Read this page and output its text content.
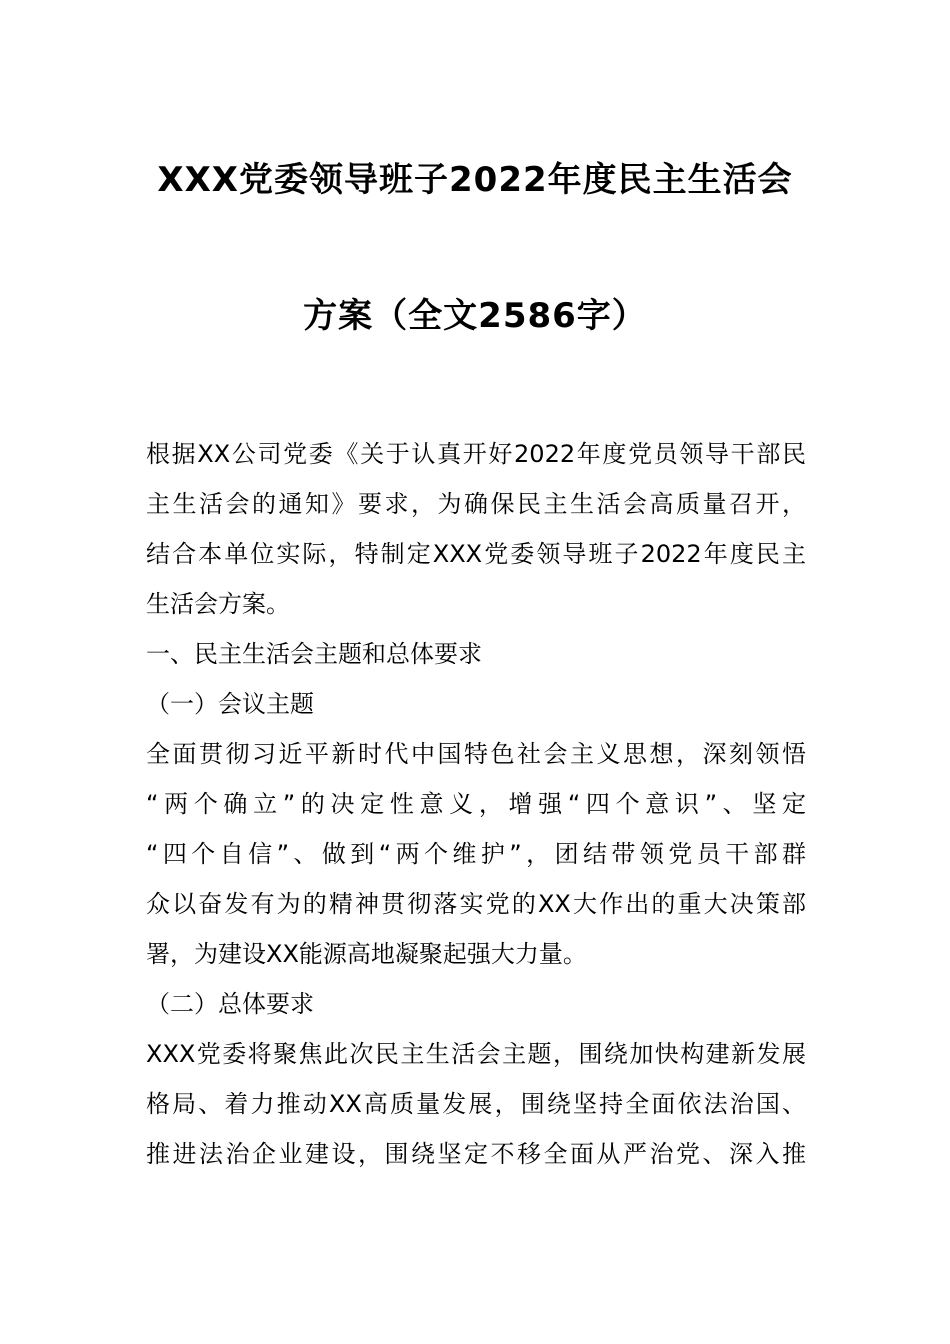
XXX党委领导班子2022年度民主生活会
方案（全文2586字）
根据XX公司党委《关于认真开好2022年度党员领导干部民
主生活会的通知》要求，为确保民主生活会高质量召开，
结合本单位实际，特制定XXX党委领导班子2022年度民主
生活会方案。
一、民主生活会主题和总体要求
（一）会议主题
全面贯彻习近平新时代中国特色社会主义思想，深刻领悟
“两个确立”的决定性意义，增强“四个意识”、坚定
“四个自信”、做到“两个维护”，团结带领党员干部群
众以奋发有为的精神贯彻落实党的XX大作出的重大决策部
署，为建设XX能源高地凝聚起强大力量。
（二）总体要求
XXX党委将聚焦此次民主生活会主题，围绕加快构建新发展
格局、着力推动XX高质量发展，围绕坚持全面依法治国、
推进法治企业建设，围绕坚定不移全面从严治党、深入推
